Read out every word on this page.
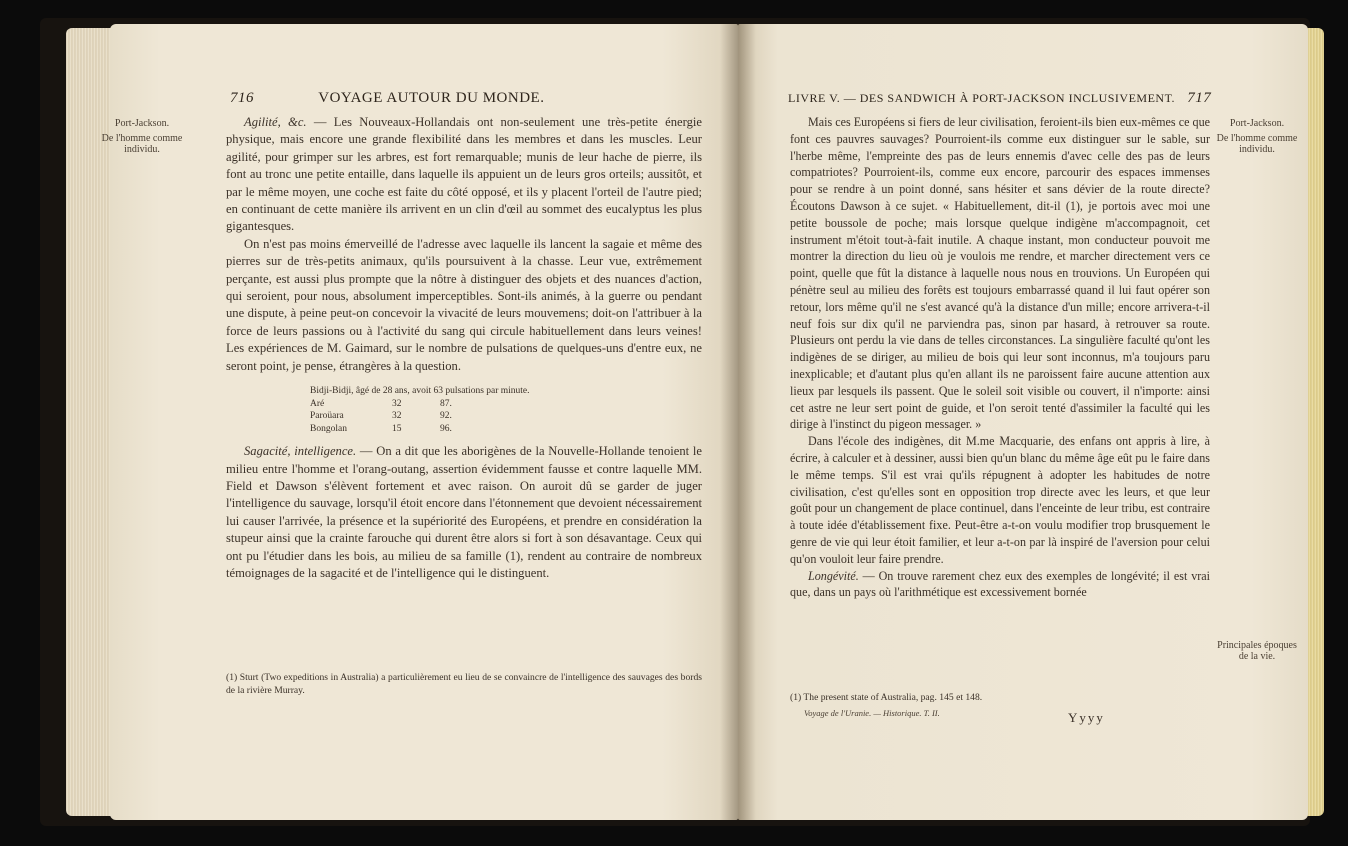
716	VOYAGE AUTOUR DU MONDE.
Port-Jackson.
De l'homme comme individu.

Agilité, &c. — Les Nouveaux-Hollandais ont non-seulement une très-petite énergie physique, mais encore une grande flexibilité dans les membres et dans les muscles. Leur agilité, pour grimper sur les arbres, est fort remarquable; munis de leur hache de pierre, ils font au tronc une petite entaille, dans laquelle ils appuient un de leurs gros orteils; aussitôt, et par le même moyen, une coche est faite du côté opposé, et ils y placent l'orteil de l'autre pied; en continuant de cette manière ils arrivent en un clin d'œil au sommet des eucalyptus les plus gigantesques.

On n'est pas moins émerveillé de l'adresse avec laquelle ils lancent la sagaie et même des pierres sur de très-petits animaux, qu'ils poursuivent à la chasse. Leur vue, extrêmement perçante, est aussi plus prompte que la nôtre à distinguer des objets et des nuances d'action, qui seroient, pour nous, absolument imperceptibles. Sont-ils animés, à la guerre ou pendant une dispute, à peine peut-on concevoir la vivacité de leurs mouvemens; doit-on l'attribuer à la force de leurs passions ou à l'activité du sang qui circule habituellement dans leurs veines! Les expériences de M. Gaimard, sur le nombre de pulsations de quelques-uns d'entre eux, ne seront point, je pense, étrangères à la question.

Bidji-Bidji, âgé de 28 ans, avoit 63 pulsations par minute.		
Aré	32	87.
Paroüara	32	92.
Bongolan	15	96.

Sagacité, intelligence. — On a dit que les aborigènes de la Nouvelle-Hollande tenoient le milieu entre l'homme et l'orang-outang, assertion évidemment fausse et contre laquelle MM. Field et Dawson s'élèvent fortement et avec raison. On auroit dû se garder de juger l'intelligence du sauvage, lorsqu'il étoit encore dans l'étonnement que devoient nécessairement lui causer l'arrivée, la présence et la supériorité des Européens, et prendre en considération la stupeur ainsi que la crainte farouche qui durent être alors si fort à son désavantage. Ceux qui ont pu l'étudier dans les bois, au milieu de sa famille (1), rendent au contraire de nombreux témoignages de la sagacité et de l'intelligence qui le distinguent.

(1) Sturt (Two expeditions in Australia) a particulièrement eu lieu de se convaincre de l'intelligence des sauvages des bords de la rivière Murray.
LIVRE V. — DES SANDWICH À PORT-JACKSON INCLUSIVEMENT. 717
Port-Jackson.
De l'homme comme individu.
Principales époques de la vie.

Mais ces Européens si fiers de leur civilisation, feroient-ils bien eux-mêmes ce que font ces pauvres sauvages? Pourroient-ils comme eux distinguer sur le sable, sur l'herbe même, l'empreinte des pas de leurs ennemis d'avec celle des pas de leurs compatriotes? Pourroient-ils, comme eux encore, parcourir des espaces immenses pour se rendre à un point donné, sans hésiter et sans dévier de la route directe? Écoutons Dawson à ce sujet. « Habituellement, dit-il (1), je portois avec moi une petite boussole de poche; mais lorsque quelque indigène m'accompagnoit, cet instrument m'étoit tout-à-fait inutile. A chaque instant, mon conducteur pouvoit me montrer la direction du lieu où je voulois me rendre, et marcher directement vers ce point, quelle que fût la distance à laquelle nous nous en trouvions. Un Européen qui pénètre seul au milieu des forêts est toujours embarrassé quand il lui faut opérer son retour, lors même qu'il ne s'est avancé qu'à la distance d'un mille; encore arrivera-t-il neuf fois sur dix qu'il ne parviendra pas, sinon par hasard, à retrouver sa route. Plusieurs ont perdu la vie dans de telles circonstances. La singulière faculté qu'ont les indigènes de se diriger, au milieu de bois qui leur sont inconnus, m'a toujours paru inexplicable; et d'autant plus qu'en allant ils ne paroissent faire aucune attention aux lieux par lesquels ils passent. Que le soleil soit visible ou couvert, il n'importe: ainsi cet astre ne leur sert point de guide, et l'on seroit tenté d'assimiler la faculté qui les dirige à l'instinct du pigeon messager. »

Dans l'école des indigènes, dit M.me Macquarie, des enfans ont appris à lire, à écrire, à calculer et à dessiner, aussi bien qu'un blanc du même âge eût pu le faire dans le même temps. S'il est vrai qu'ils répugnent à adopter les habitudes de notre civilisation, c'est qu'elles sont en opposition trop directe avec les leurs, et que leur goût pour un changement de place continuel, dans l'enceinte de leur tribu, est contraire à toute idée d'établissement fixe. Peut-être a-t-on voulu modifier trop brusquement le genre de vie qui leur étoit familier, et leur a-t-on par là inspiré de l'aversion pour celui qu'on vouloit leur faire prendre.

Longévité. — On trouve rarement chez eux des exemples de longévité; il est vrai que, dans un pays où l'arithmétique est excessivement bornée

(1) The present state of Australia, pag. 145 et 148.
Voyage de l'Uranie. — Historique. T. II.	Yyyy
